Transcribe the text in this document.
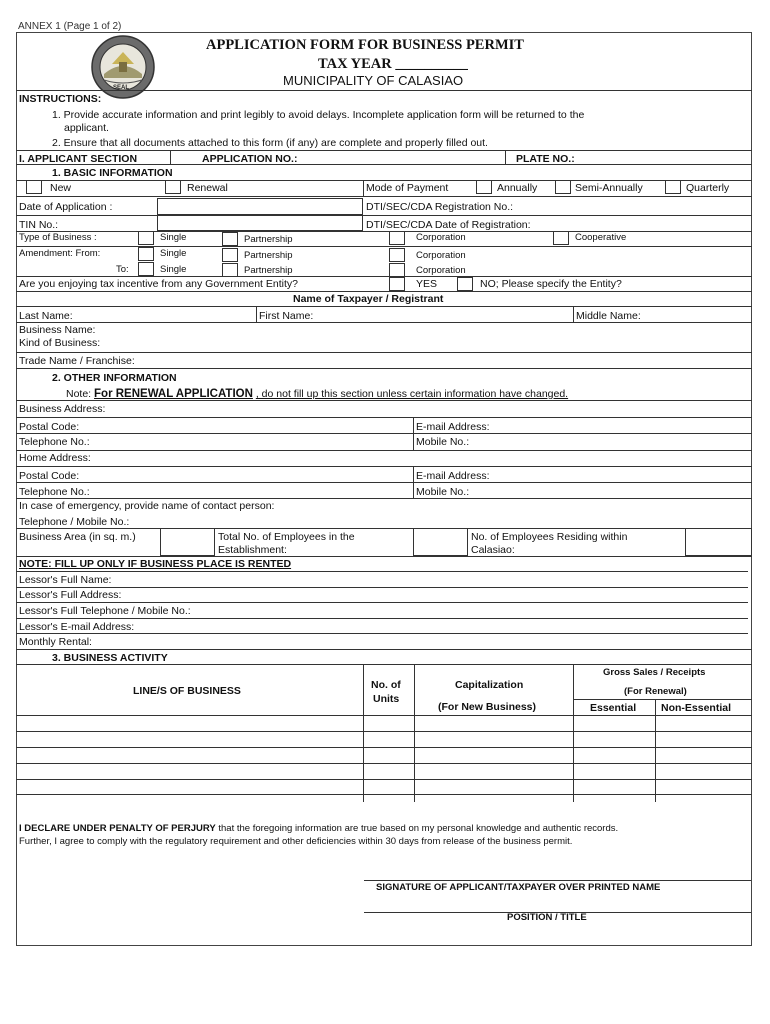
ANNEX 1 (Page 1 of 2)
SEAL
APPLICATION FORM FOR BUSINESS PERMIT
TAX YEAR __________
MUNICIPALITY OF CALASIAO
INSTRUCTIONS:
1. Provide accurate information and print legibly to avoid delays. Incomplete application form will be returned to the
applicant.
2. Ensure that all documents attached to this form (if any) are complete and properly filled out.
I. APPLICANT SECTION	APPLICATION NO.:	PLATE NO.:
1. BASIC INFORMATION
New	Renewal	Mode of Payment	Annually	Semi-Annually	Quarterly
Date of Application :	DTI/SEC/CDA Registration No.:
TIN No.:	DTI/SEC/CDA Date of Registration:
Type of Business :	Single	Partnership	Corporation	Cooperative
Amendment: From:	Single	Partnership	Corporation
To:	Single	Partnership	Corporation
Are you enjoying tax incentive from any Government Entity?	YES	NO; Please specify the Entity?
Name of Taxpayer / Registrant
Last Name:	First Name:	Middle Name:
Business Name:
Kind of Business:
Trade Name / Franchise:
2. OTHER INFORMATION
Note: For RENEWAL APPLICATION , do not fill up this section unless certain information have changed.
Business Address:
Postal Code:	E-mail Address:
Telephone No.:	Mobile No.:
Home Address:
Postal Code:	E-mail Address:
Telephone No.:	Mobile No.:
In case of emergency, provide name of contact person:
Telephone / Mobile No.:
Business Area (in sq. m.)	Total No. of Employees in the
Establishment:
No. of Employees Residing within
Calasiao:
NOTE: FILL UP ONLY IF BUSINESS PLACE IS RENTED
Lessor's Full Name:
Lessor's Full Address:
Lessor's Full Telephone / Mobile No.:
Lessor's E-mail Address:
Monthly Rental:
3. BUSINESS ACTIVITY
LINE/S OF BUSINESS	No. of
Units
Capitalization
(For New Business)
Gross Sales / Receipts
(For Renewal)
Essential Non-Essential
I DECLARE UNDER PENALTY OF PERJURY that the foregoing information are true based on my personal knowledge and authentic records.
Further, I agree to comply with the regulatory requirement and other deficiencies within 30 days from release of the business permit.
SIGNATURE OF APPLICANT/TAXPAYER OVER PRINTED NAME
POSITION / TITLE
